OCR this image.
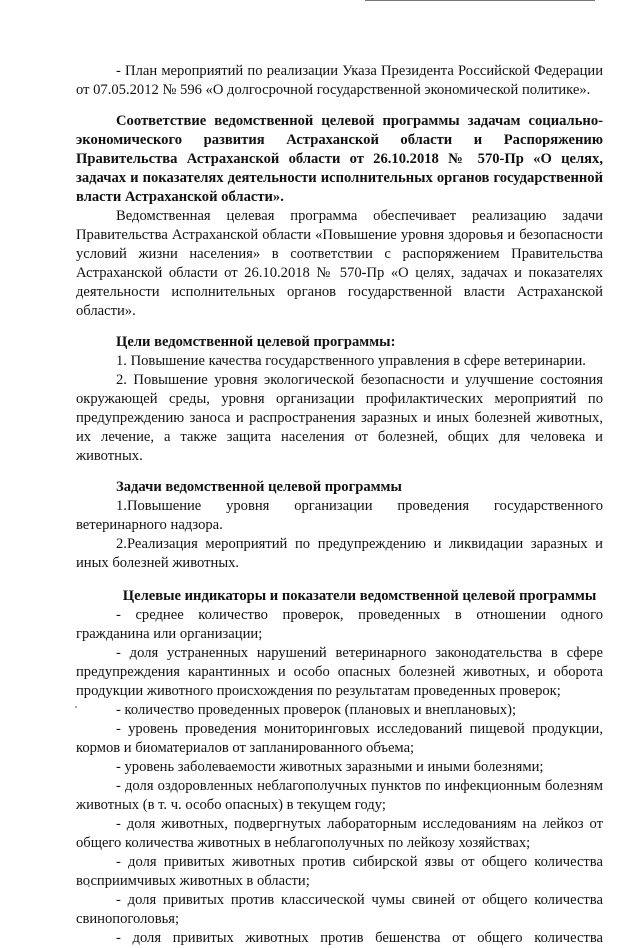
- План мероприятий по реализации Указа Президента Российской Федерации от 07.05.2012 № 596 «О долгосрочной государственной экономической политике».

Соответствие ведомственной целевой программы задачам социально-экономического развития Астраханской области и Распоряжению Правительства Астраханской области от 26.10.2018 № 570-Пр «О целях, задачах и показателях деятельности исполнительных органов государственной власти Астраханской области».

Ведомственная целевая программа обеспечивает реализацию задачи Правительства Астраханской области «Повышение уровня здоровья и безопасности условий жизни населения» в соответствии с распоряжением Правительства Астраханской области от 26.10.2018 № 570-Пр «О целях, задачах и показателях деятельности исполнительных органов государственной власти Астраханской области».

Цели ведомственной целевой программы:

1. Повышение качества государственного управления в сфере ветеринарии.

2. Повышение уровня экологической безопасности и улучшение состояния окружающей среды, уровня организации профилактических мероприятий по предупреждению заноса и распространения заразных и иных болезней животных, их лечение, а также защита населения от болезней, общих для человека и животных.

Задачи ведомственной целевой программы

1.Повышение уровня организации проведения государственного ветеринарного надзора.

2.Реализация мероприятий по предупреждению и ликвидации заразных и иных болезней животных.

Целевые индикаторы и показатели ведомственной целевой программы

- среднее количество проверок, проведенных в отношении одного гражданина или организации;

- доля устраненных нарушений ветеринарного законодательства в сфере предупреждения карантинных и особо опасных болезней животных, и оборота продукции животного происхождения по результатам проведенных проверок;

- количество проведенных проверок (плановых и внеплановых);

- уровень проведения мониторинговых исследований пищевой продукции, кормов и биоматериалов от запланированного объема;

- уровень заболеваемости животных заразными и иными болезнями;

- доля оздоровленных неблагополучных пунктов по инфекционным болезням животных (в т. ч. особо опасных) в текущем году;

- доля животных, подвергнутых лабораторным исследованиям на лейкоз от общего количества животных в неблагополучных по лейкозу хозяйствах;

- доля привитых животных против сибирской язвы от общего количества восприимчивых животных в области;

- доля привитых против классической чумы свиней от общего количества свинопоголовья;

- доля привитых животных против бешенства от общего количества
